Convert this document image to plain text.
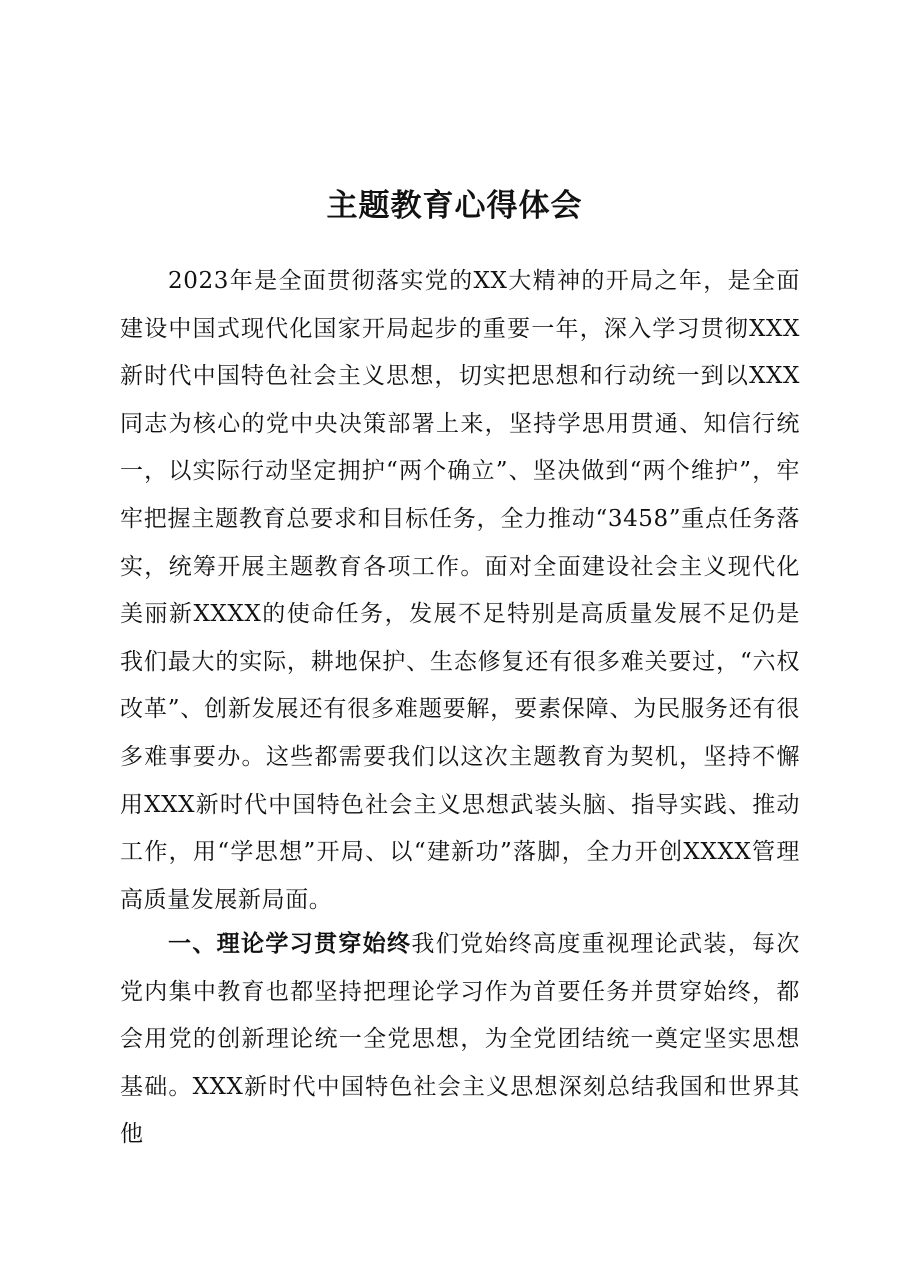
主题教育心得体会

2023年是全面贯彻落实党的XX大精神的开局之年，是全面建设中国式现代化国家开局起步的重要一年，深入学习贯彻XXX新时代中国特色社会主义思想，切实把思想和行动统一到以XXX同志为核心的党中央决策部署上来，坚持学思用贯通、知信行统一，以实际行动坚定拥护“两个确立”、坚决做到“两个维护”，牢牢把握主题教育总要求和目标任务，全力推动“3458”重点任务落实，统筹开展主题教育各项工作。面对全面建设社会主义现代化美丽新XXXX的使命任务，发展不足特别是高质量发展不足仍是我们最大的实际，耕地保护、生态修复还有很多难关要过，“六权改革”、创新发展还有很多难题要解，要素保障、为民服务还有很多难事要办。这些都需要我们以这次主题教育为契机，坚持不懈用XXX新时代中国特色社会主义思想武装头脑、指导实践、推动工作，用“学思想”开局、以“建新功”落脚，全力开创XXXX管理高质量发展新局面。

一、理论学习贯穿始终我们党始终高度重视理论武装，每次党内集中教育也都坚持把理论学习作为首要任务并贯穿始终，都会用党的创新理论统一全党思想，为全党团结统一奠定坚实思想基础。XXX新时代中国特色社会主义思想深刻总结我国和世界其他
